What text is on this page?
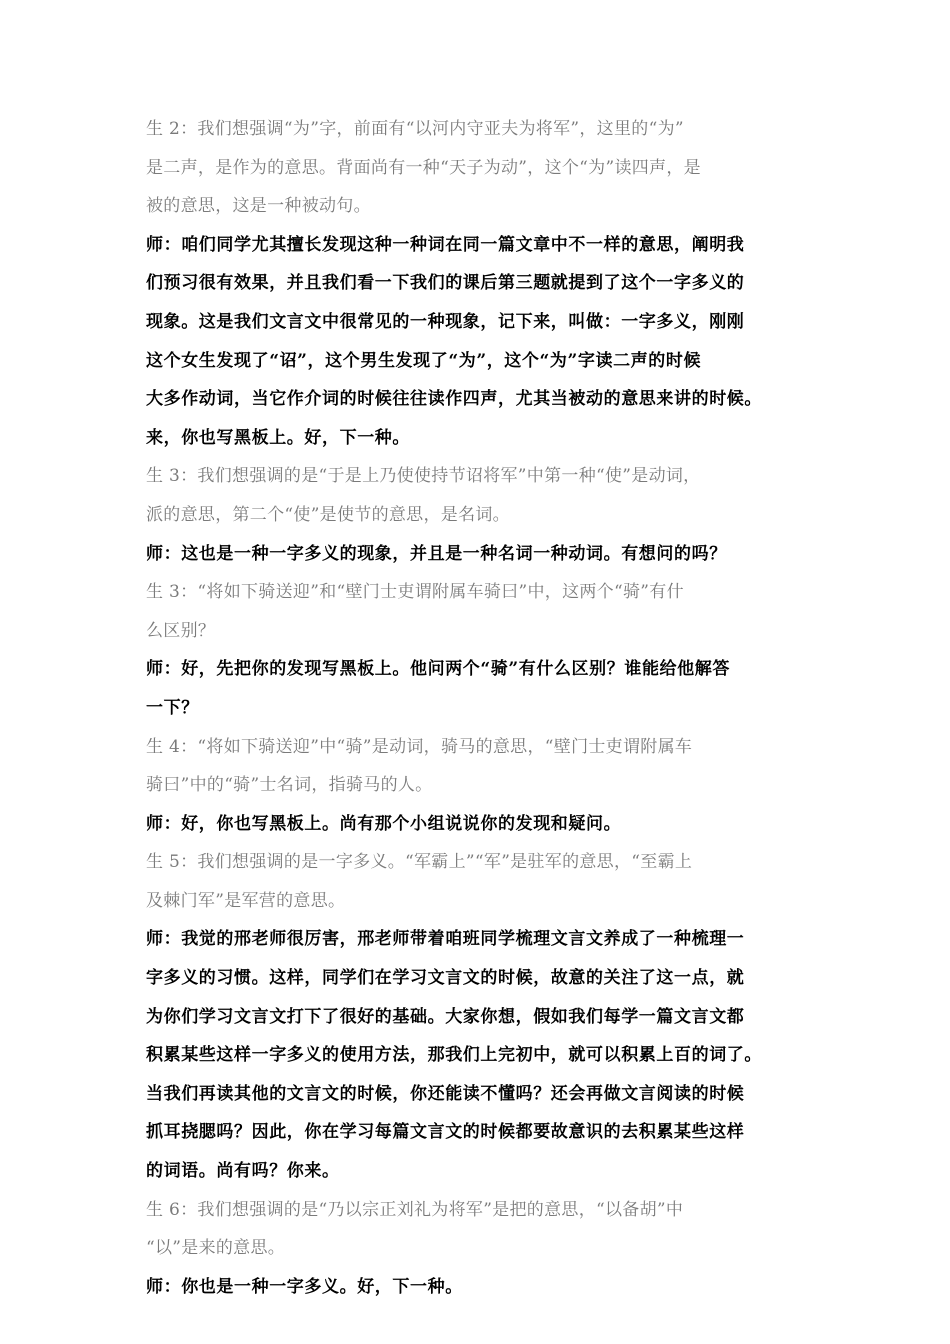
生 2：我们想强调“为”字，前面有“以河内守亚夫为将军”，这里的“为”
是二声，是作为的意思。背面尚有一种“天子为动”，这个“为”读四声，是
被的意思，这是一种被动句。
师：咱们同学尤其擅长发现这种一种词在同一篇文章中不一样的意思，阐明我
们预习很有效果，并且我们看一下我们的课后第三题就提到了这个一字多义的
现象。这是我们文言文中很常见的一种现象，记下来，叫做：一字多义，刚刚
这个女生发现了“诏”，这个男生发现了“为”，这个“为”字读二声的时候
大多作动词，当它作介词的时候往往读作四声，尤其当被动的意思来讲的时候。
来，你也写黑板上。好，下一种。
生 3：我们想强调的是“于是上乃使使持节诏将军”中第一种“使”是动词，
派的意思，第二个“使”是使节的意思，是名词。
师：这也是一种一字多义的现象，并且是一种名词一种动词。有想问的吗？
生 3：“将如下骑送迎”和“壁门士吏谓附属车骑曰”中，这两个“骑”有什
么区别？
师：好，先把你的发现写黑板上。他问两个“骑”有什么区别？谁能给他解答
一下？
生 4：“将如下骑送迎”中“骑”是动词，骑马的意思，“壁门士吏谓附属车
骑曰”中的“骑”士名词，指骑马的人。
师：好，你也写黑板上。尚有那个小组说说你的发现和疑问。
生 5：我们想强调的是一字多义。“军霸上”“军”是驻军的意思，“至霸上
及棘门军”是军营的意思。
师：我觉的邢老师很厉害，邢老师带着咱班同学梳理文言文养成了一种梳理一
字多义的习惯。这样，同学们在学习文言文的时候，故意的关注了这一点，就
为你们学习文言文打下了很好的基础。大家你想，假如我们每学一篇文言文都
积累某些这样一字多义的使用方法，那我们上完初中，就可以积累上百的词了。
当我们再读其他的文言文的时候，你还能读不懂吗？还会再做文言阅读的时候
抓耳挠腮吗？因此，你在学习每篇文言文的时候都要故意识的去积累某些这样
的词语。尚有吗？你来。
生 6：我们想强调的是“乃以宗正刘礼为将军”是把的意思，“以备胡”中
“以”是来的意思。
师：你也是一种一字多义。好，下一种。
